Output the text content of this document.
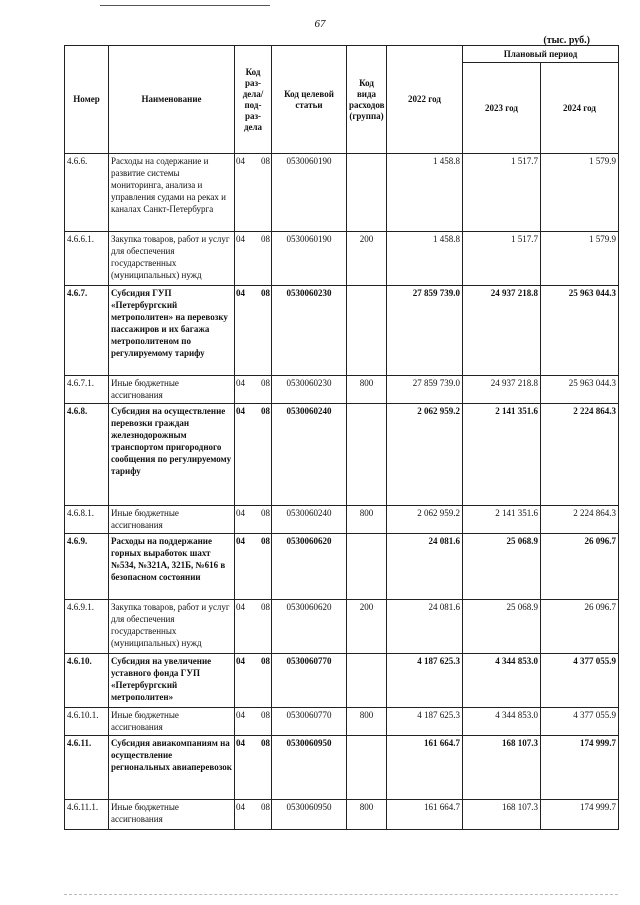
67
(тыс. руб.)
Номер	Наименование	Код раз-дела/ под-раз-дела	Код целевой статьи	Код вида расходов (группа)	2022 год	Плановый период	
						2023 год	2024 год
4.6.6.	Расходы на содержание и развитие системы мониторинга, анализа и управления судами на реках и каналах Санкт-Петербурга	04 08	0530060190		1 458.8	1 517.7	1 579.9
4.6.6.1.	Закупка товаров, работ и услуг для обеспечения государственных (муниципальных) нужд	04 08	0530060190	200	1 458.8	1 517.7	1 579.9
4.6.7.	Субсидия ГУП «Петербургский метрополитен» на перевозку пассажиров и их багажа метрополитеном по регулируемому тарифу	04 08	0530060230		27 859 739.0	24 937 218.8	25 963 044.3
4.6.7.1.	Иные бюджетные ассигнования	04 08	0530060230	800	27 859 739.0	24 937 218.8	25 963 044.3
4.6.8.	Субсидия на осуществление перевозки граждан железнодорожным транспортом пригородного сообщения по регулируемому тарифу	04 08	0530060240		2 062 959.2	2 141 351.6	2 224 864.3
4.6.8.1.	Иные бюджетные ассигнования	04 08	0530060240	800	2 062 959.2	2 141 351.6	2 224 864.3
4.6.9.	Расходы на поддержание горных выработок шахт №534, №321А, 321Б, №616 в безопасном состоянии	04 08	0530060620		24 081.6	25 068.9	26 096.7
4.6.9.1.	Закупка товаров, работ и услуг для обеспечения государственных (муниципальных) нужд	04 08	0530060620	200	24 081.6	25 068.9	26 096.7
4.6.10.	Субсидия на увеличение уставного фонда ГУП «Петербургский метрополитен»	04 08	0530060770		4 187 625.3	4 344 853.0	4 377 055.9
4.6.10.1.	Иные бюджетные ассигнования	04 08	0530060770	800	4 187 625.3	4 344 853.0	4 377 055.9
4.6.11.	Субсидия авиакомпаниям на осуществление региональных авиаперевозок	04 08	0530060950		161 664.7	168 107.3	174 999.7
4.6.11.1.	Иные бюджетные ассигнования	04 08	0530060950	800	161 664.7	168 107.3	174 999.7
